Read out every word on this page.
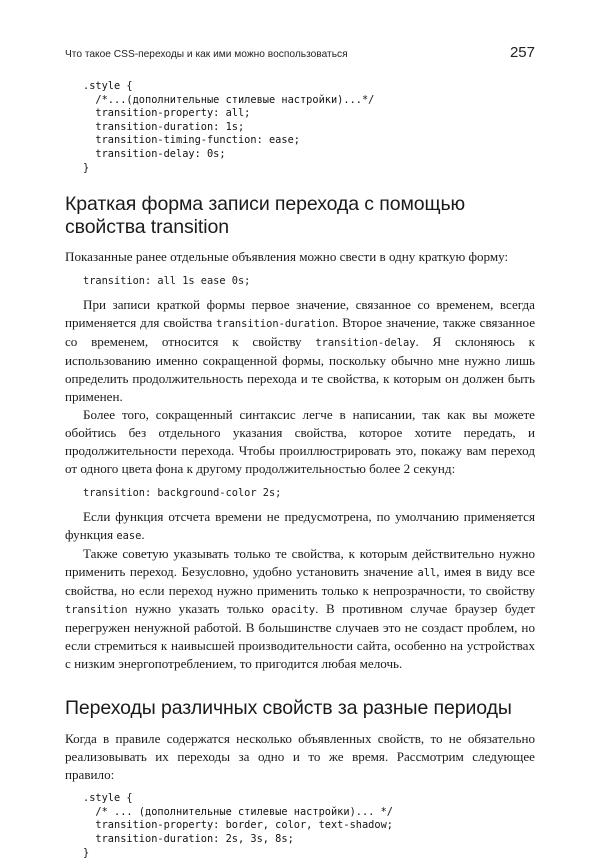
Что такое CSS-переходы и как ими можно воспользоваться	257
.style {
/*...(дополнительные стилевые настройки)...*/
transition-property: all;
transition-duration: 1s;
transition-timing-function: ease;
transition-delay: 0s;
}
Краткая форма записи перехода с помощью свойства transition

Показанные ранее отдельные объявления можно свести в одну краткую форму:

transition: all 1s ease 0s;

При записи краткой формы первое значение, связанное со временем, всегда применяется для свойства transition-duration. Второе значение, также связанное со временем, относится к свойству transition-delay. Я склоняюсь к использованию именно сокращенной формы, поскольку обычно мне нужно лишь определить продолжительность перехода и те свойства, к которым он должен быть применен.

Более того, сокращенный синтаксис легче в написании, так как вы можете обойтись без отдельного указания свойства, которое хотите передать, и продолжительности перехода. Чтобы проиллюстрировать это, покажу вам переход от одного цвета фона к другому продолжительностью более 2 секунд:

transition: background-color 2s;

Если функция отсчета времени не предусмотрена, по умолчанию применяется функция ease.

Также советую указывать только те свойства, к которым действительно нужно применить переход. Безусловно, удобно установить значение all, имея в виду все свойства, но если переход нужно применить только к непрозрачности, то свойству transition нужно указать только opacity. В противном случае браузер будет перегружен ненужной работой. В большинстве случаев это не создаст проблем, но если стремиться к наивысшей производительности сайта, особенно на устройствах с низким энергопотреблением, то пригодится любая мелочь.

Переходы различных свойств за разные периоды

Когда в правиле содержатся несколько объявленных свойств, то не обязательно реализовывать их переходы за одно и то же время. Рассмотрим следующее правило:

.style {
/* ... (дополнительные стилевые настройки)... */
transition-property: border, color, text-shadow;
transition-duration: 2s, 3s, 8s;
}
